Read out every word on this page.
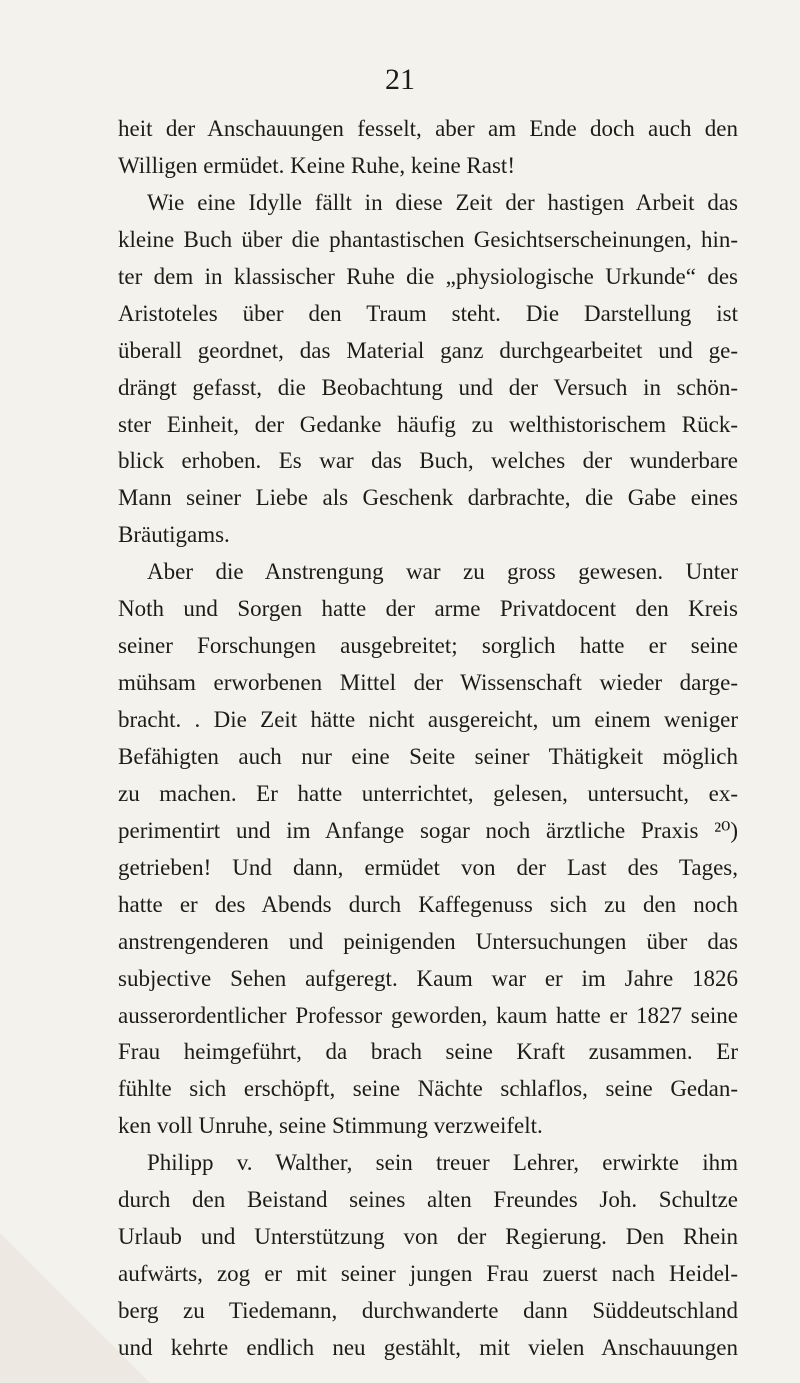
21
heit der Anschauungen fesselt, aber am Ende doch auch den
Willigen ermüdet. Keine Ruhe, keine Rast!
Wie eine Idylle fällt in diese Zeit der hastigen Arbeit das
kleine Buch über die phantastischen Gesichtserscheinungen, hin-
ter dem in klassischer Ruhe die „physiologische Urkunde“ des
Aristoteles über den Traum steht. Die Darstellung ist
überall geordnet, das Material ganz durchgearbeitet und ge-
drängt gefasst, die Beobachtung und der Versuch in schön-
ster Einheit, der Gedanke häufig zu welthistorischem Rück-
blick erhoben. Es war das Buch, welches der wunderbare
Mann seiner Liebe als Geschenk darbrachte, die Gabe eines
Bräutigams.
Aber die Anstrengung war zu gross gewesen. Unter
Noth und Sorgen hatte der arme Privatdocent den Kreis
seiner Forschungen ausgebreitet; sorglich hatte er seine
mühsam erworbenen Mittel der Wissenschaft wieder darge-
bracht. . Die Zeit hätte nicht ausgereicht, um einem weniger
Befähigten auch nur eine Seite seiner Thätigkeit möglich
zu machen. Er hatte unterrichtet, gelesen, untersucht, ex-
perimentirt und im Anfange sogar noch ärztliche Praxis ²⁰)
getrieben! Und dann, ermüdet von der Last des Tages,
hatte er des Abends durch Kaffegenuss sich zu den noch
anstrengenderen und peinigenden Untersuchungen über das
subjective Sehen aufgeregt. Kaum war er im Jahre 1826
ausserordentlicher Professor geworden, kaum hatte er 1827 seine
Frau heimgeführt, da brach seine Kraft zusammen. Er
fühlte sich erschöpft, seine Nächte schlaflos, seine Gedan-
ken voll Unruhe, seine Stimmung verzweifelt.
Philipp v. Walther, sein treuer Lehrer, erwirkte ihm
durch den Beistand seines alten Freundes Joh. Schultze
Urlaub und Unterstützung von der Regierung. Den Rhein
aufwärts, zog er mit seiner jungen Frau zuerst nach Heidel-
berg zu Tiedemann, durchwanderte dann Süddeutschland
und kehrte endlich neu gestählt, mit vielen Anschauungen
